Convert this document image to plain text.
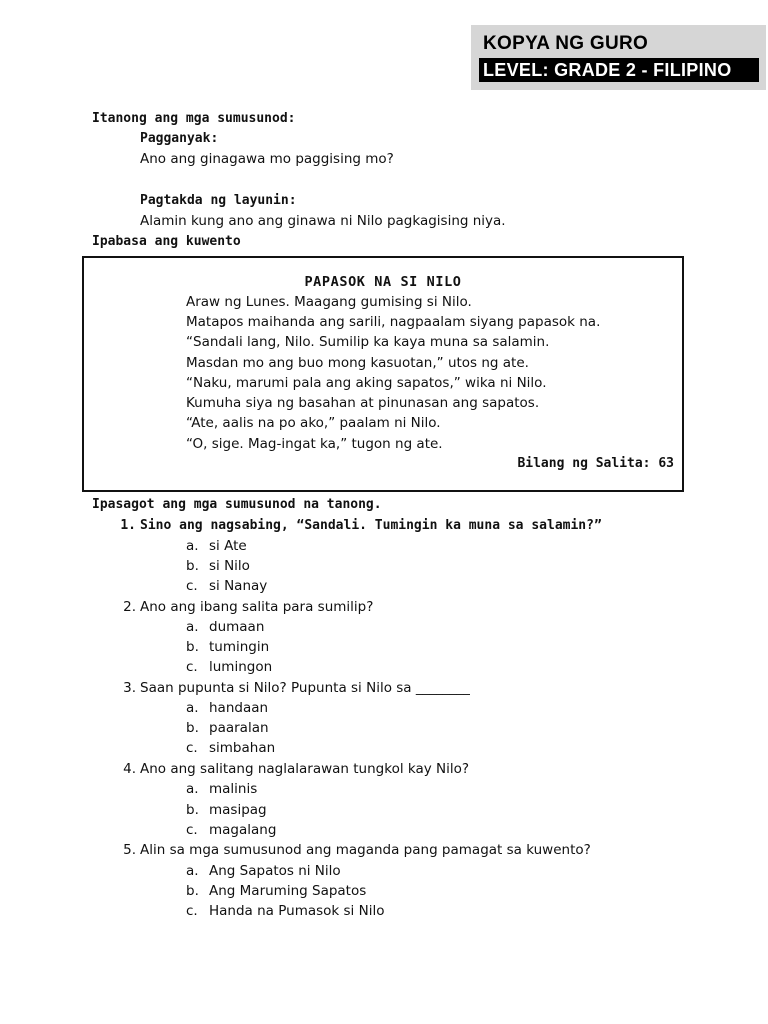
KOPYA NG GURO
LEVEL: GRADE 2 - FILIPINO
Itanong ang mga sumusunod:
Pagganyak:
Ano ang ginagawa mo paggising mo?
Pagtakda ng layunin:
Alamin kung ano ang ginawa ni Nilo pagkagising niya.
Ipabasa ang kuwento
PAPASOK NA SI NILO
Araw ng Lunes. Maagang gumising si Nilo.
Matapos maihanda ang sarili, nagpaalam siyang papasok na.
“Sandali lang, Nilo. Sumilip ka kaya muna sa salamin.
Masdan mo ang buo mong kasuotan,” utos ng ate.
“Naku, marumi pala ang aking sapatos,” wika ni Nilo.
Kumuha siya ng basahan at pinunasan ang sapatos.
“Ate, aalis na po ako,” paalam ni Nilo.
“O, sige. Mag-ingat ka,” tugon ng ate.
Bilang ng Salita: 63
Ipasagot ang mga sumusunod na tanong.
1. Sino ang nagsabing, “Sandali. Tumingin ka muna sa salamin?”
a. si Ate
b. si Nilo
c. si Nanay
2. Ano ang ibang salita para sumilip?
a. dumaan
b. tumingin
c. lumingon
3. Saan pupunta si Nilo? Pupunta si Nilo sa ________
a. handaan
b. paaralan
c. simbahan
4. Ano ang salitang naglalarawan tungkol kay Nilo?
a. malinis
b. masipag
c. magalang
5. Alin sa mga sumusunod ang maganda pang pamagat sa kuwento?
a. Ang Sapatos ni Nilo
b. Ang Maruming Sapatos
c. Handa na Pumasok si Nilo
